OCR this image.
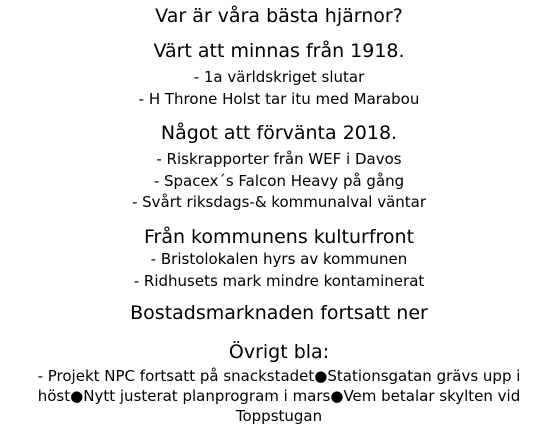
Var är våra bästa hjärnor?
Värt att minnas från 1918.
- 1a världskriget slutar
- H Throne Holst tar itu med Marabou
Något att förvänta 2018.
- Riskrapporter från WEF i Davos
- Spacex´s Falcon Heavy på gång
- Svårt riksdags-& kommunalval väntar
Från kommunens kulturfront
- Bristolokalen hyrs av kommunen
- Ridhusets mark mindre kontaminerat
Bostadsmarknaden fortsatt ner
Övrigt bla:
- Projekt NPC fortsatt på snackstadet●Stationsgatan grävs upp i
höst●Nytt justerat planprogram i mars●Vem betalar skylten vid
Toppstugan
